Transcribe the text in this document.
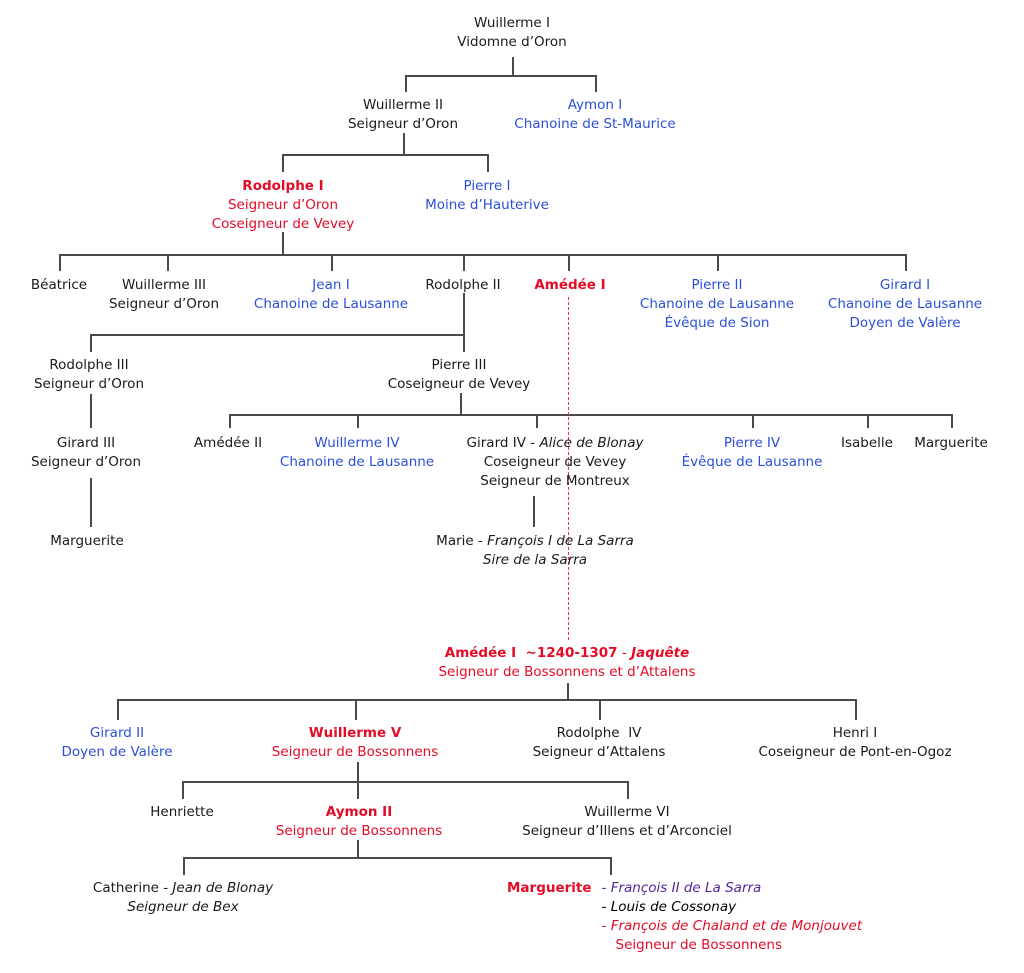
Wuillerme I
Vidomne d’Oron
Wuillerme II
Seigneur d’Oron
Aymon I
Chanoine de St-Maurice
Rodolphe I
Seigneur d’Oron
Coseigneur de Vevey
Pierre I
Moine d’Hauterive
Béatrice	Wuillerme III
Seigneur d’Oron
Jean I
Chanoine de Lausanne
Rodolphe II Amédée I	Pierre II
Chanoine de Lausanne
Évêque de Sion
Girard I
Chanoine de Lausanne
Doyen de Valère
Rodolphe III
Seigneur d’Oron
Pierre III
Coseigneur de Vevey
Girard III
Seigneur d’Oron
Amédée II	Wuillerme IV
Chanoine de Lausanne
Girard IV - Alice de Blonay
Coseigneur de Vevey
Seigneur de Montreux
Pierre IV
Évêque de Lausanne
Isabelle Marguerite
Marguerite	Marie - François I de La Sarra
Sire de la Sarra
Amédée I  ~1240-1307 - Jaquête
Seigneur de Bossonnens et d’Attalens
Girard II
Doyen de Valère
Wuillerme V
Seigneur de Bossonnens
Rodolphe  IV
Seigneur d’Attalens
Henri I
Coseigneur de Pont-en-Ogoz
Henriette	Aymon II
Seigneur de Bossonnens
Wuillerme VI
Seigneur d’Illens et d’Arconciel
Catherine - Jean de Blonay
Seigneur de Bex
Marguerite - François II de La Sarra
- Louis de Cossonay
- François de Chaland et de Monjouvet
Seigneur de Bossonnens
